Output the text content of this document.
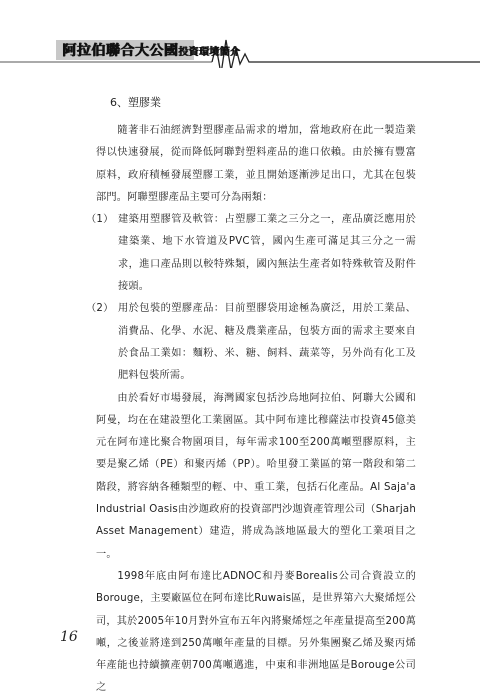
阿拉伯聯合大公國投資環境簡介
6、塑膠業

隨著非石油經濟對塑膠產品需求的增加，當地政府在此一製造業得以快速發展，從而降低阿聯對塑料產品的進口依賴。由於擁有豐富原料，政府積極發展塑膠工業，並且開始逐漸涉足出口，尤其在包裝部門。阿聯塑膠產品主要可分為兩類：

（1） 建築用塑膠管及軟管：占塑膠工業之三分之一，產品廣泛應用於建築業、地下水管道及PVC管，國內生產可滿足其三分之一需求，進口產品則以較特殊類，國內無法生產者如特殊軟管及附件接頭。
（2） 用於包裝的塑膠產品：目前塑膠袋用途極為廣泛，用於工業品、消費品、化學、水泥、糖及農業產品，包裝方面的需求主要來自於食品工業如：麵粉、米、糖、飼料、蔬菜等，另外尚有化工及肥料包裝所需。

由於看好市場發展，海灣國家包括沙烏地阿拉伯、阿聯大公國和阿曼，均在在建設塑化工業園區。其中阿布達比穆薩法市投資45億美元在阿布達比聚合物園項目，每年需求100至200萬噸塑膠原料，主要是聚乙烯（PE）和聚丙烯（PP）。哈里發工業區的第一階段和第二階段，將容納各種類型的輕、中、重工業，包括石化產品。Al Saja'a Industrial Oasis由沙迦政府的投資部門沙迦資產管理公司（Sharjah Asset Management）建造，將成為該地區最大的塑化工業項目之一。

1998年底由阿布達比ADNOC和丹麥Borealis公司合資設立的Borouge，主要廠區位在阿布達比Ruwais區，是世界第六大聚烯烴公司，其於2005年10月對外宣布五年內將聚烯烴之年產量提高至200萬噸，之後並將達到250萬噸年產量的目標。另外集團聚乙烯及聚丙烯年產能也持續擴產朝700萬噸邁進，中東和非洲地區是Borouge公司之

16
